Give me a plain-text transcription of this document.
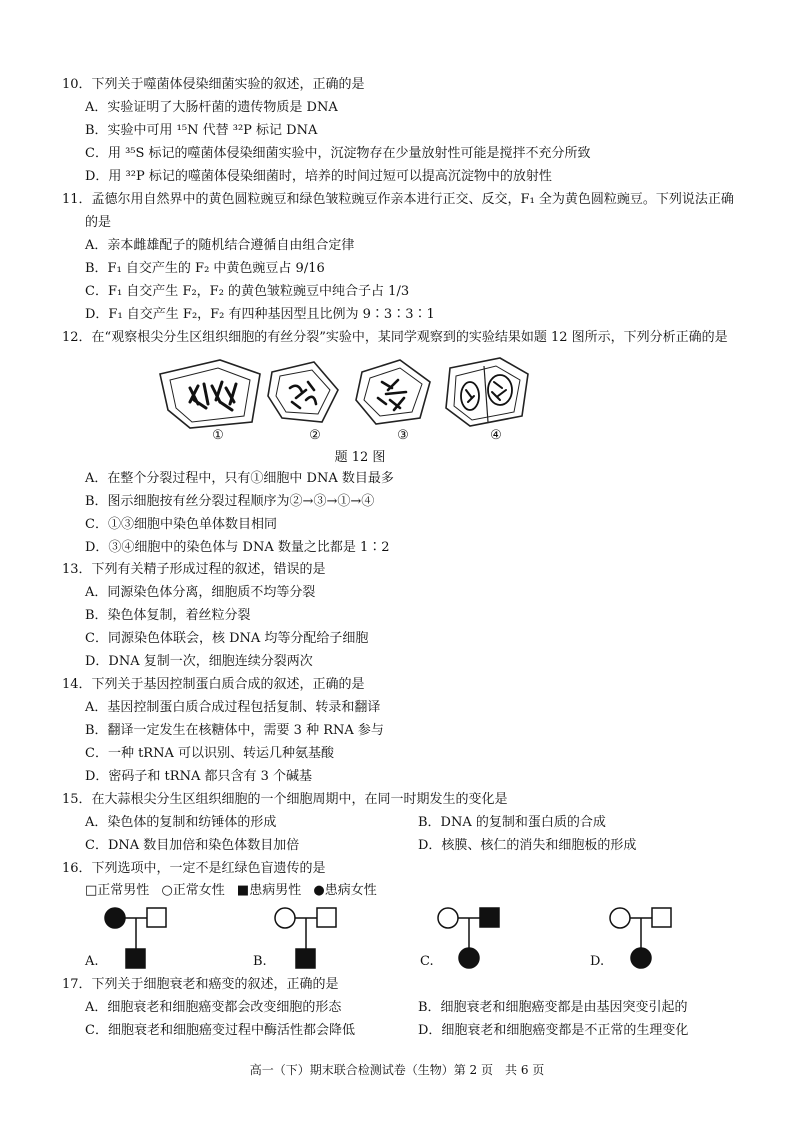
10．下列关于噬菌体侵染细菌实验的叙述，正确的是
A．实验证明了大肠杆菌的遗传物质是 DNA
B．实验中可用 ¹⁵N 代替 ³²P 标记 DNA
C．用 ³⁵S 标记的噬菌体侵染细菌实验中，沉淀物存在少量放射性可能是搅拌不充分所致
D．用 ³²P 标记的噬菌体侵染细菌时，培养的时间过短可以提高沉淀物中的放射性
11．孟德尔用自然界中的黄色圆粒豌豆和绿色皱粒豌豆作亲本进行正交、反交，F₁ 全为黄色圆粒豌豆。下列说法正确
的是
A．亲本雌雄配子的随机结合遵循自由组合定律
B．F₁ 自交产生的 F₂ 中黄色豌豆占 9/16
C．F₁ 自交产生 F₂，F₂ 的黄色皱粒豌豆中纯合子占 1/3
D．F₁ 自交产生 F₂，F₂ 有四种基因型且比例为 9∶3∶3∶1
12．在“观察根尖分生区组织细胞的有丝分裂”实验中，某同学观察到的实验结果如题 12 图所示，下列分析正确的是
①	②	③	④
题 12 图
A．在整个分裂过程中，只有①细胞中 DNA 数目最多
B．图示细胞按有丝分裂过程顺序为②→③→①→④
C．①③细胞中染色单体数目相同
D．③④细胞中的染色体与 DNA 数量之比都是 1∶2
13．下列有关精子形成过程的叙述，错误的是
A．同源染色体分离，细胞质不均等分裂
B．染色体复制，着丝粒分裂
C．同源染色体联会，核 DNA 均等分配给子细胞
D．DNA 复制一次，细胞连续分裂两次
14．下列关于基因控制蛋白质合成的叙述，正确的是
A．基因控制蛋白质合成过程包括复制、转录和翻译
B．翻译一定发生在核糖体中，需要 3 种 RNA 参与
C．一种 tRNA 可以识别、转运几种氨基酸
D．密码子和 tRNA 都只含有 3 个碱基
15．在大蒜根尖分生区组织细胞的一个细胞周期中，在同一时期发生的变化是
A．染色体的复制和纺锤体的形成	B．DNA 的复制和蛋白质的合成
C．DNA 数目加倍和染色体数目加倍	D．核膜、核仁的消失和细胞板的形成
16．下列选项中，一定不是红绿色盲遗传的是
□正常男性 ○正常女性 ■患病男性 ●患病女性
A.	B.	C.	D.
17．下列关于细胞衰老和癌变的叙述，正确的是
A．细胞衰老和细胞癌变都会改变细胞的形态	B．细胞衰老和细胞癌变都是由基因突变引起的
C．细胞衰老和细胞癌变过程中酶活性都会降低	D．细胞衰老和细胞癌变都是不正常的生理变化
高一（下）期末联合检测试卷（生物）第 2 页　共 6 页
